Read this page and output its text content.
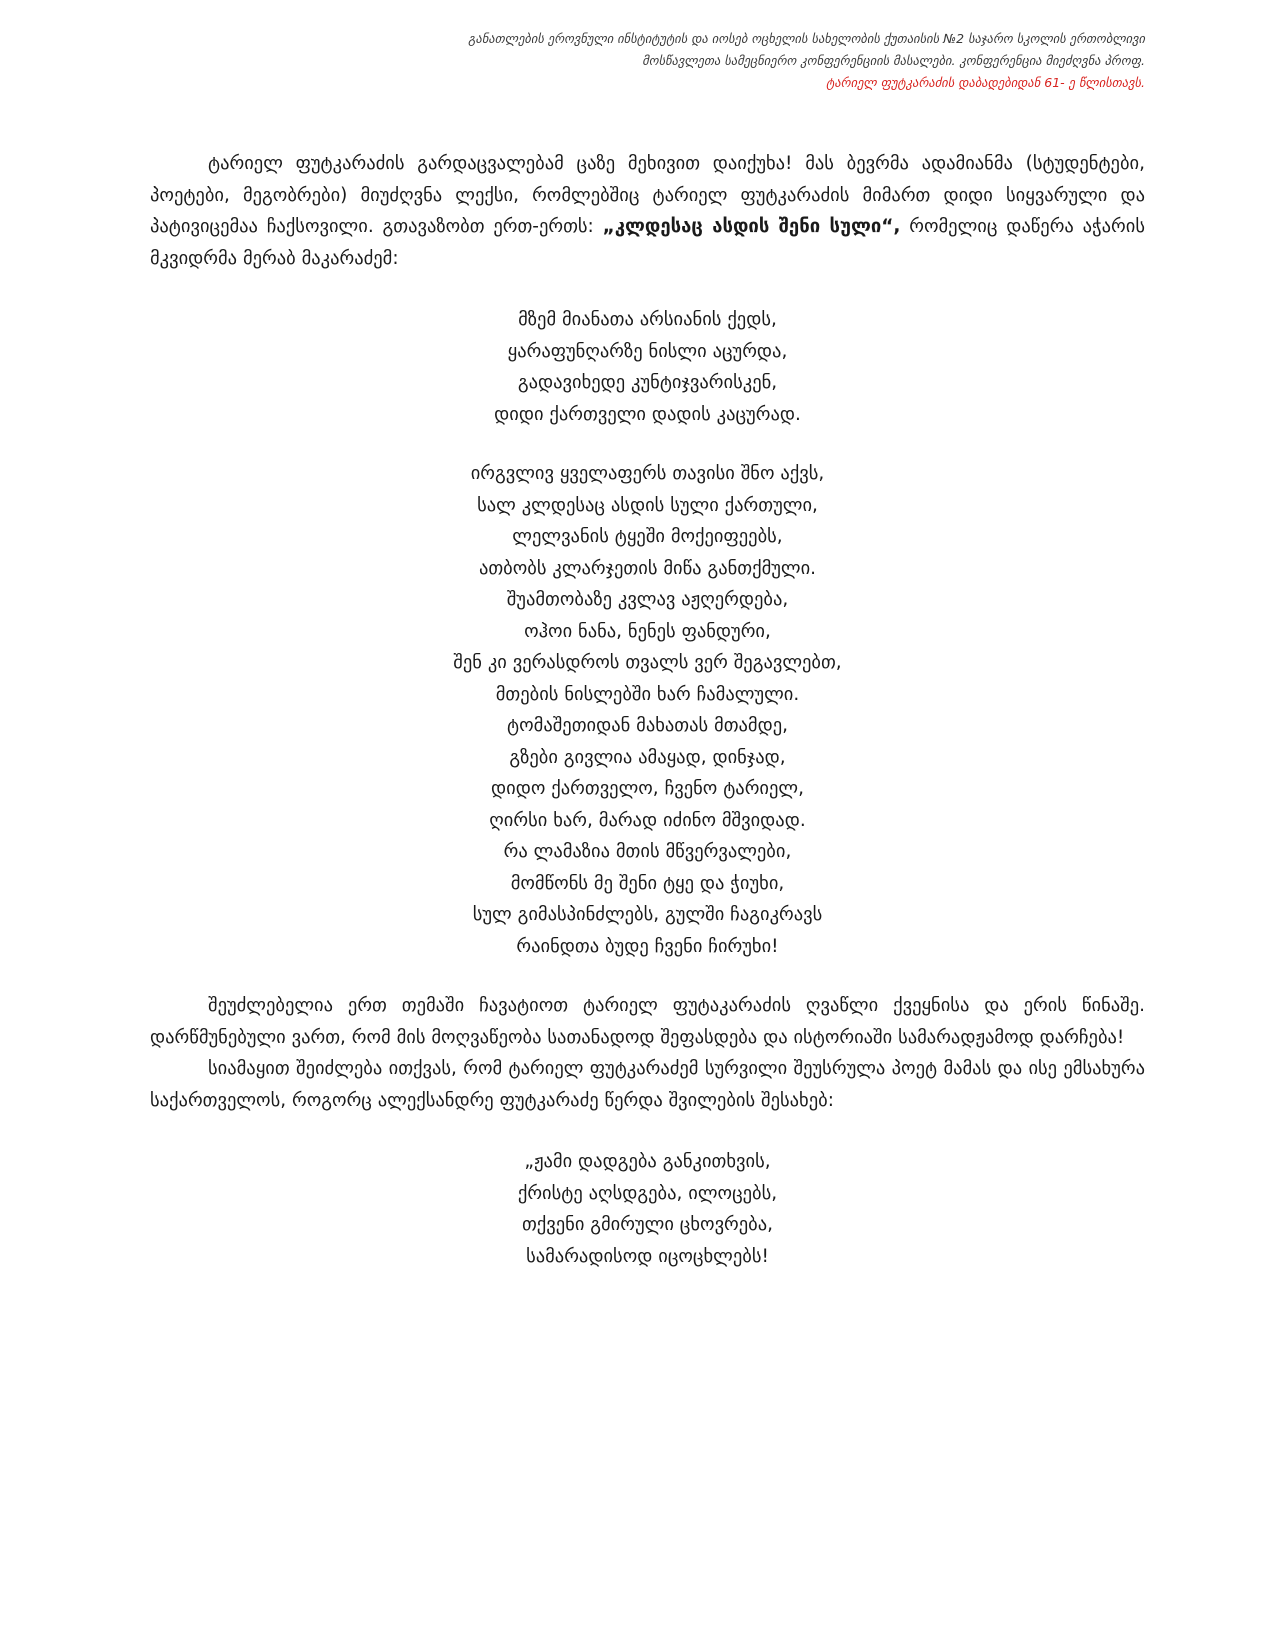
განათლების ეროვნული ინსტიტუტის და იოსებ ოცხელის სახელობის ქუთაისის №2 საჯარო სკოლის ერთობლივი
მოსწავლეთა სამეცნიერო კონფერენციის მასალები. კონფერენცია მიეძღვნა პროფ.
ტარიელ ფუტკარაძის დაბადებიდან 61- ე წლისთავს.

ტარიელ ფუტკარაძის გარდაცვალებამ ცაზე მეხივით დაიქუხა! მას ბევრმა ადამიანმა (სტუდენტები, პოეტები, მეგობრები) მიუძღვნა ლექსი, რომლებშიც ტარიელ ფუტკარაძის მიმართ დიდი სიყვარული და პატივიცემაა ჩაქსოვილი. გთავაზობთ ერთ-ერთს: „კლდესაც ასდის შენი სული“, რომელიც დაწერა აჭარის მკვიდრმა მერაბ მაკარაძემ:

მზემ მიანათა არსიანის ქედს,
ყარაფუნღარზე ნისლი აცურდა,
გადავიხედე კუნტიჯვარისკენ,
დიდი ქართველი დადის კაცურად.
ირგვლივ ყველაფერს თავისი შნო აქვს,
სალ კლდესაც ასდის სული ქართული,
ლელვანის ტყეში მოქეიფეებს,
ათბობს კლარჯეთის მიწა განთქმული.
შუამთობაზე კვლავ აჟღერდება,
ოჰოი ნანა, ნენეს ფანდური,
შენ კი ვერასდროს თვალს ვერ შეგავლებთ,
მთების ნისლებში ხარ ჩამალული.
ტომაშეთიდან მახათას მთამდე,
გზები გივლია ამაყად, დინჯად,
დიდო ქართველო, ჩვენო ტარიელ,
ღირსი ხარ, მარად იძინო მშვიდად.
რა ლამაზია მთის მწვერვალები,
მომწონს მე შენი ტყე და ჭიუხი,
სულ გიმასპინძლებს, გულში ჩაგიკრავს
რაინდთა ბუდე ჩვენი ჩირუხი!

შეუძლებელია ერთ თემაში ჩავატიოთ ტარიელ ფუტაკარაძის ღვაწლი ქვეყნისა და ერის წინაშე. დარწმუნებული ვართ, რომ მის მოღვაწეობა სათანადოდ შეფასდება და ისტორიაში სამარადჟამოდ დარჩება!

სიამაყით შეიძლება ითქვას, რომ ტარიელ ფუტკარაძემ სურვილი შეუსრულა პოეტ მამას და ისე ემსახურა საქართველოს, როგორც ალექსანდრე ფუტკარაძე წერდა შვილების შესახებ:

„ჟამი დადგება განკითხვის,
ქრისტე აღსდგება, ილოცებს,
თქვენი გმირული ცხოვრება,
სამარადისოდ იცოცხლებს!
